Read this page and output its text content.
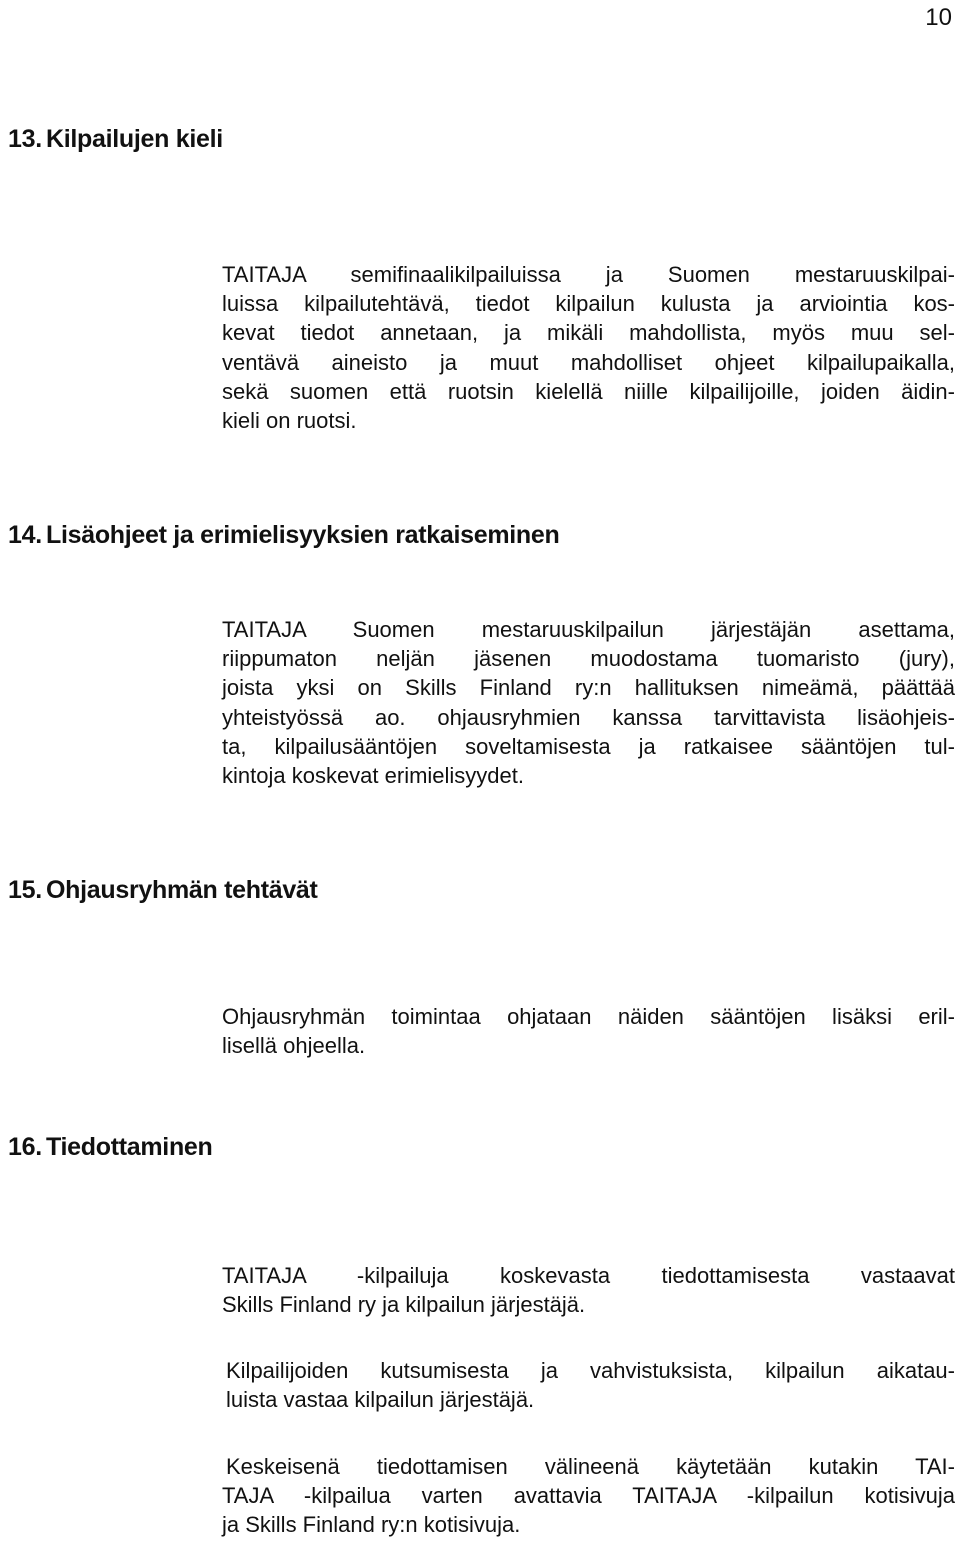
10
13. Kilpailujen kieli
TAITAJA semifinaalikilpailuissa ja Suomen mestaruuskilpai-
luissa kilpailutehtävä, tiedot kilpailun kulusta ja arviointia kos-
kevat tiedot annetaan, ja mikäli mahdollista, myös muu sel-
ventävä aineisto ja muut mahdolliset ohjeet kilpailupaikalla,
sekä suomen että ruotsin kielellä niille kilpailijoille, joiden äidin-
kieli on ruotsi.
14. Lisäohjeet ja erimielisyyksien ratkaiseminen
TAITAJA Suomen mestaruuskilpailun järjestäjän asettama,
riippumaton neljän jäsenen muodostama tuomaristo (jury),
joista yksi on Skills Finland ry:n hallituksen nimeämä, päättää
yhteistyössä ao. ohjausryhmien kanssa tarvittavista lisäohjeis-
ta, kilpailusääntöjen soveltamisesta ja ratkaisee sääntöjen tul-
kintoja koskevat erimielisyydet.
15. Ohjausryhmän tehtävät
Ohjausryhmän toimintaa ohjataan näiden sääntöjen lisäksi eril-
lisellä ohjeella.
16. Tiedottaminen
TAITAJA -kilpailuja koskevasta tiedottamisesta vastaavat
Skills Finland ry ja kilpailun järjestäjä.
Kilpailijoiden kutsumisesta ja vahvistuksista, kilpailun aikatau-
luista vastaa kilpailun järjestäjä.
Keskeisenä tiedottamisen välineenä käytetään kutakin TAI-
TAJA -kilpailua varten avattavia TAITAJA -kilpailun kotisivuja
ja Skills Finland ry:n kotisivuja.
